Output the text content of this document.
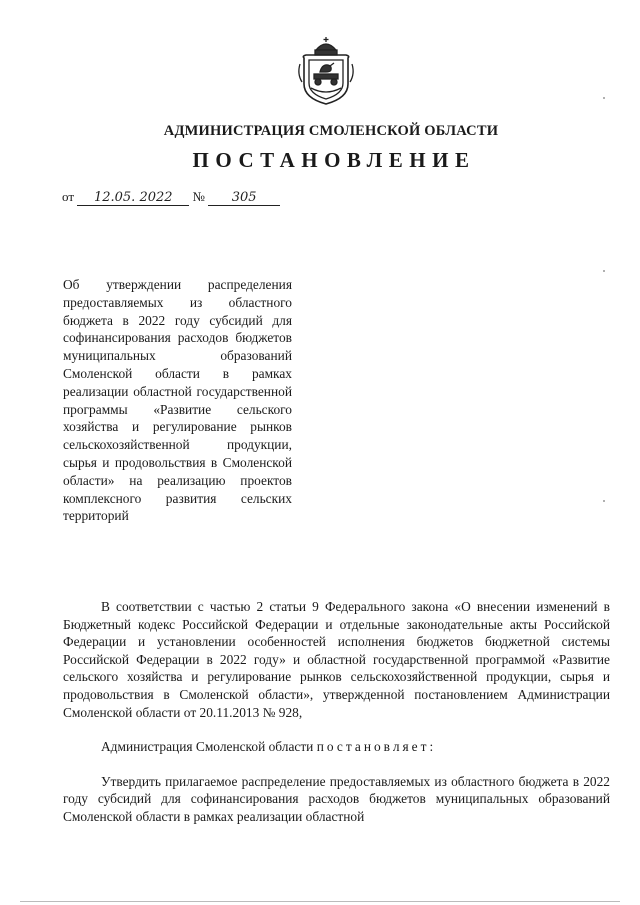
АДМИНИСТРАЦИЯ СМОЛЕНСКОЙ ОБЛАСТИ
ПОСТАНОВЛЕНИЕ
от 12.05. 2022 № 305
Об утверждении распределения предоставляемых из областного бюджета в 2022 году субсидий для софинансирования расходов бюджетов муниципальных образований Смоленской области в рамках реализации областной государственной программы «Развитие сельского хозяйства и регулирование рынков сельскохозяйственной продукции, сырья и продовольствия в Смоленской области» на реализацию проектов комплексного развития сельских территорий

В соответствии с частью 2 статьи 9 Федерального закона «О внесении изменений в Бюджетный кодекс Российской Федерации и отдельные законодательные акты Российской Федерации и установлении особенностей исполнения бюджетов бюджетной системы Российской Федерации в 2022 году» и областной государственной программой «Развитие сельского хозяйства и регулирование рынков сельскохозяйственной продукции, сырья и продовольствия в Смоленской области», утвержденной постановлением Администрации Смоленской области от 20.11.2013 № 928,

Администрация Смоленской области постановляет:

Утвердить прилагаемое распределение предоставляемых из областного бюджета в 2022 году субсидий для софинансирования расходов бюджетов муниципальных образований Смоленской области в рамках реализации областной
